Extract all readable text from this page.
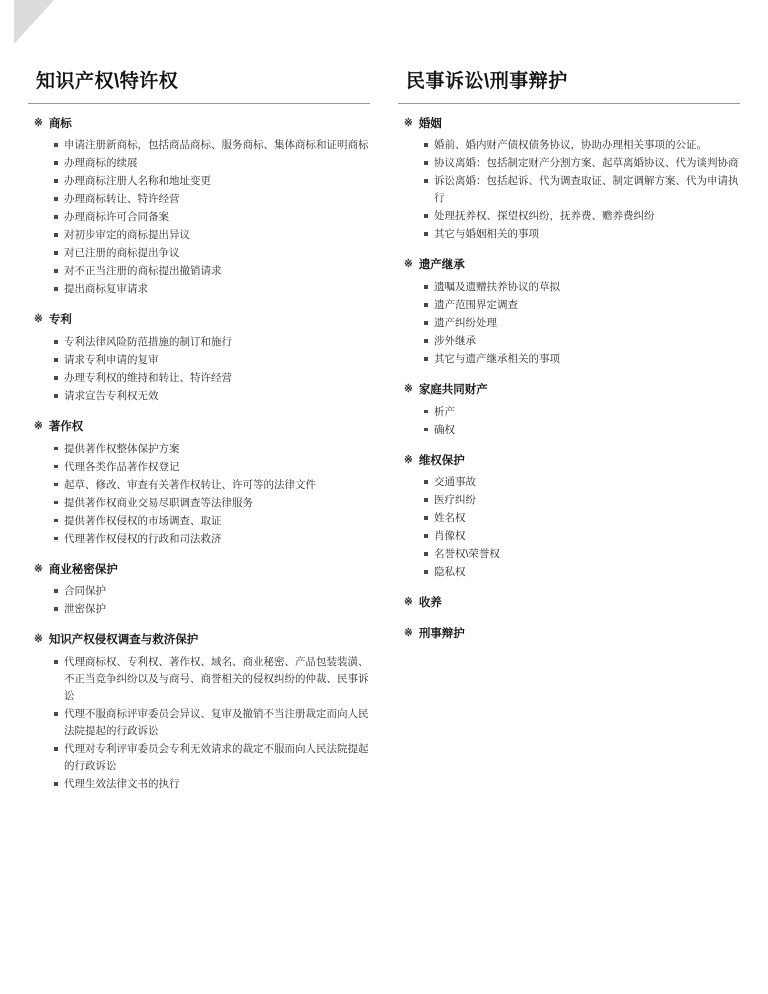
知识产权\特许权
※ 商标
申请注册新商标，包括商品商标、服务商标、集体商标和证明商标
办理商标的续展
办理商标注册人名称和地址变更
办理商标转让、特许经营
办理商标许可合同备案
对初步审定的商标提出异议
对已注册的商标提出争议
对不正当注册的商标提出撤销请求
提出商标复审请求
※ 专利
专利法律风险防范措施的制订和施行
请求专利申请的复审
办理专利权的维持和转让、特许经营
请求宣告专利权无效
※ 著作权
提供著作权整体保护方案
代理各类作品著作权登记
起草、修改、审查有关著作权转让、许可等的法律文件
提供著作权商业交易尽职调查等法律服务
提供著作权侵权的市场调查、取证
代理著作权侵权的行政和司法救济
※ 商业秘密保护
合同保护
泄密保护
※ 知识产权侵权调查与救济保护
代理商标权、专利权、著作权、域名、商业秘密、产品包装装潢、不正当竞争纠纷以及与商号、商誉相关的侵权纠纷的仲裁、民事诉讼
代理不服商标评审委员会异议、复审及撤销不当注册裁定而向人民法院提起的行政诉讼
代理对专利评审委员会专利无效请求的裁定不服而向人民法院提起的行政诉讼
代理生效法律文书的执行
民事诉讼\刑事辩护
※ 婚姻
婚前、婚内财产债权债务协议，协助办理相关事项的公证。
协议离婚：包括制定财产分割方案、起草离婚协议、代为谈判协商
诉讼离婚：包括起诉、代为调查取证、制定调解方案、代为申请执行
处理抚养权、探望权纠纷，抚养费、赡养费纠纷
其它与婚姻相关的事项
※ 遗产继承
遗嘱及遗赠扶养协议的草拟
遗产范围界定调查
遗产纠纷处理
涉外继承
其它与遗产继承相关的事项
※ 家庭共同财产
析产
确权
※ 维权保护
交通事故
医疗纠纷
姓名权
肖像权
名誉权\荣誉权
隐私权
※ 收养
※ 刑事辩护
